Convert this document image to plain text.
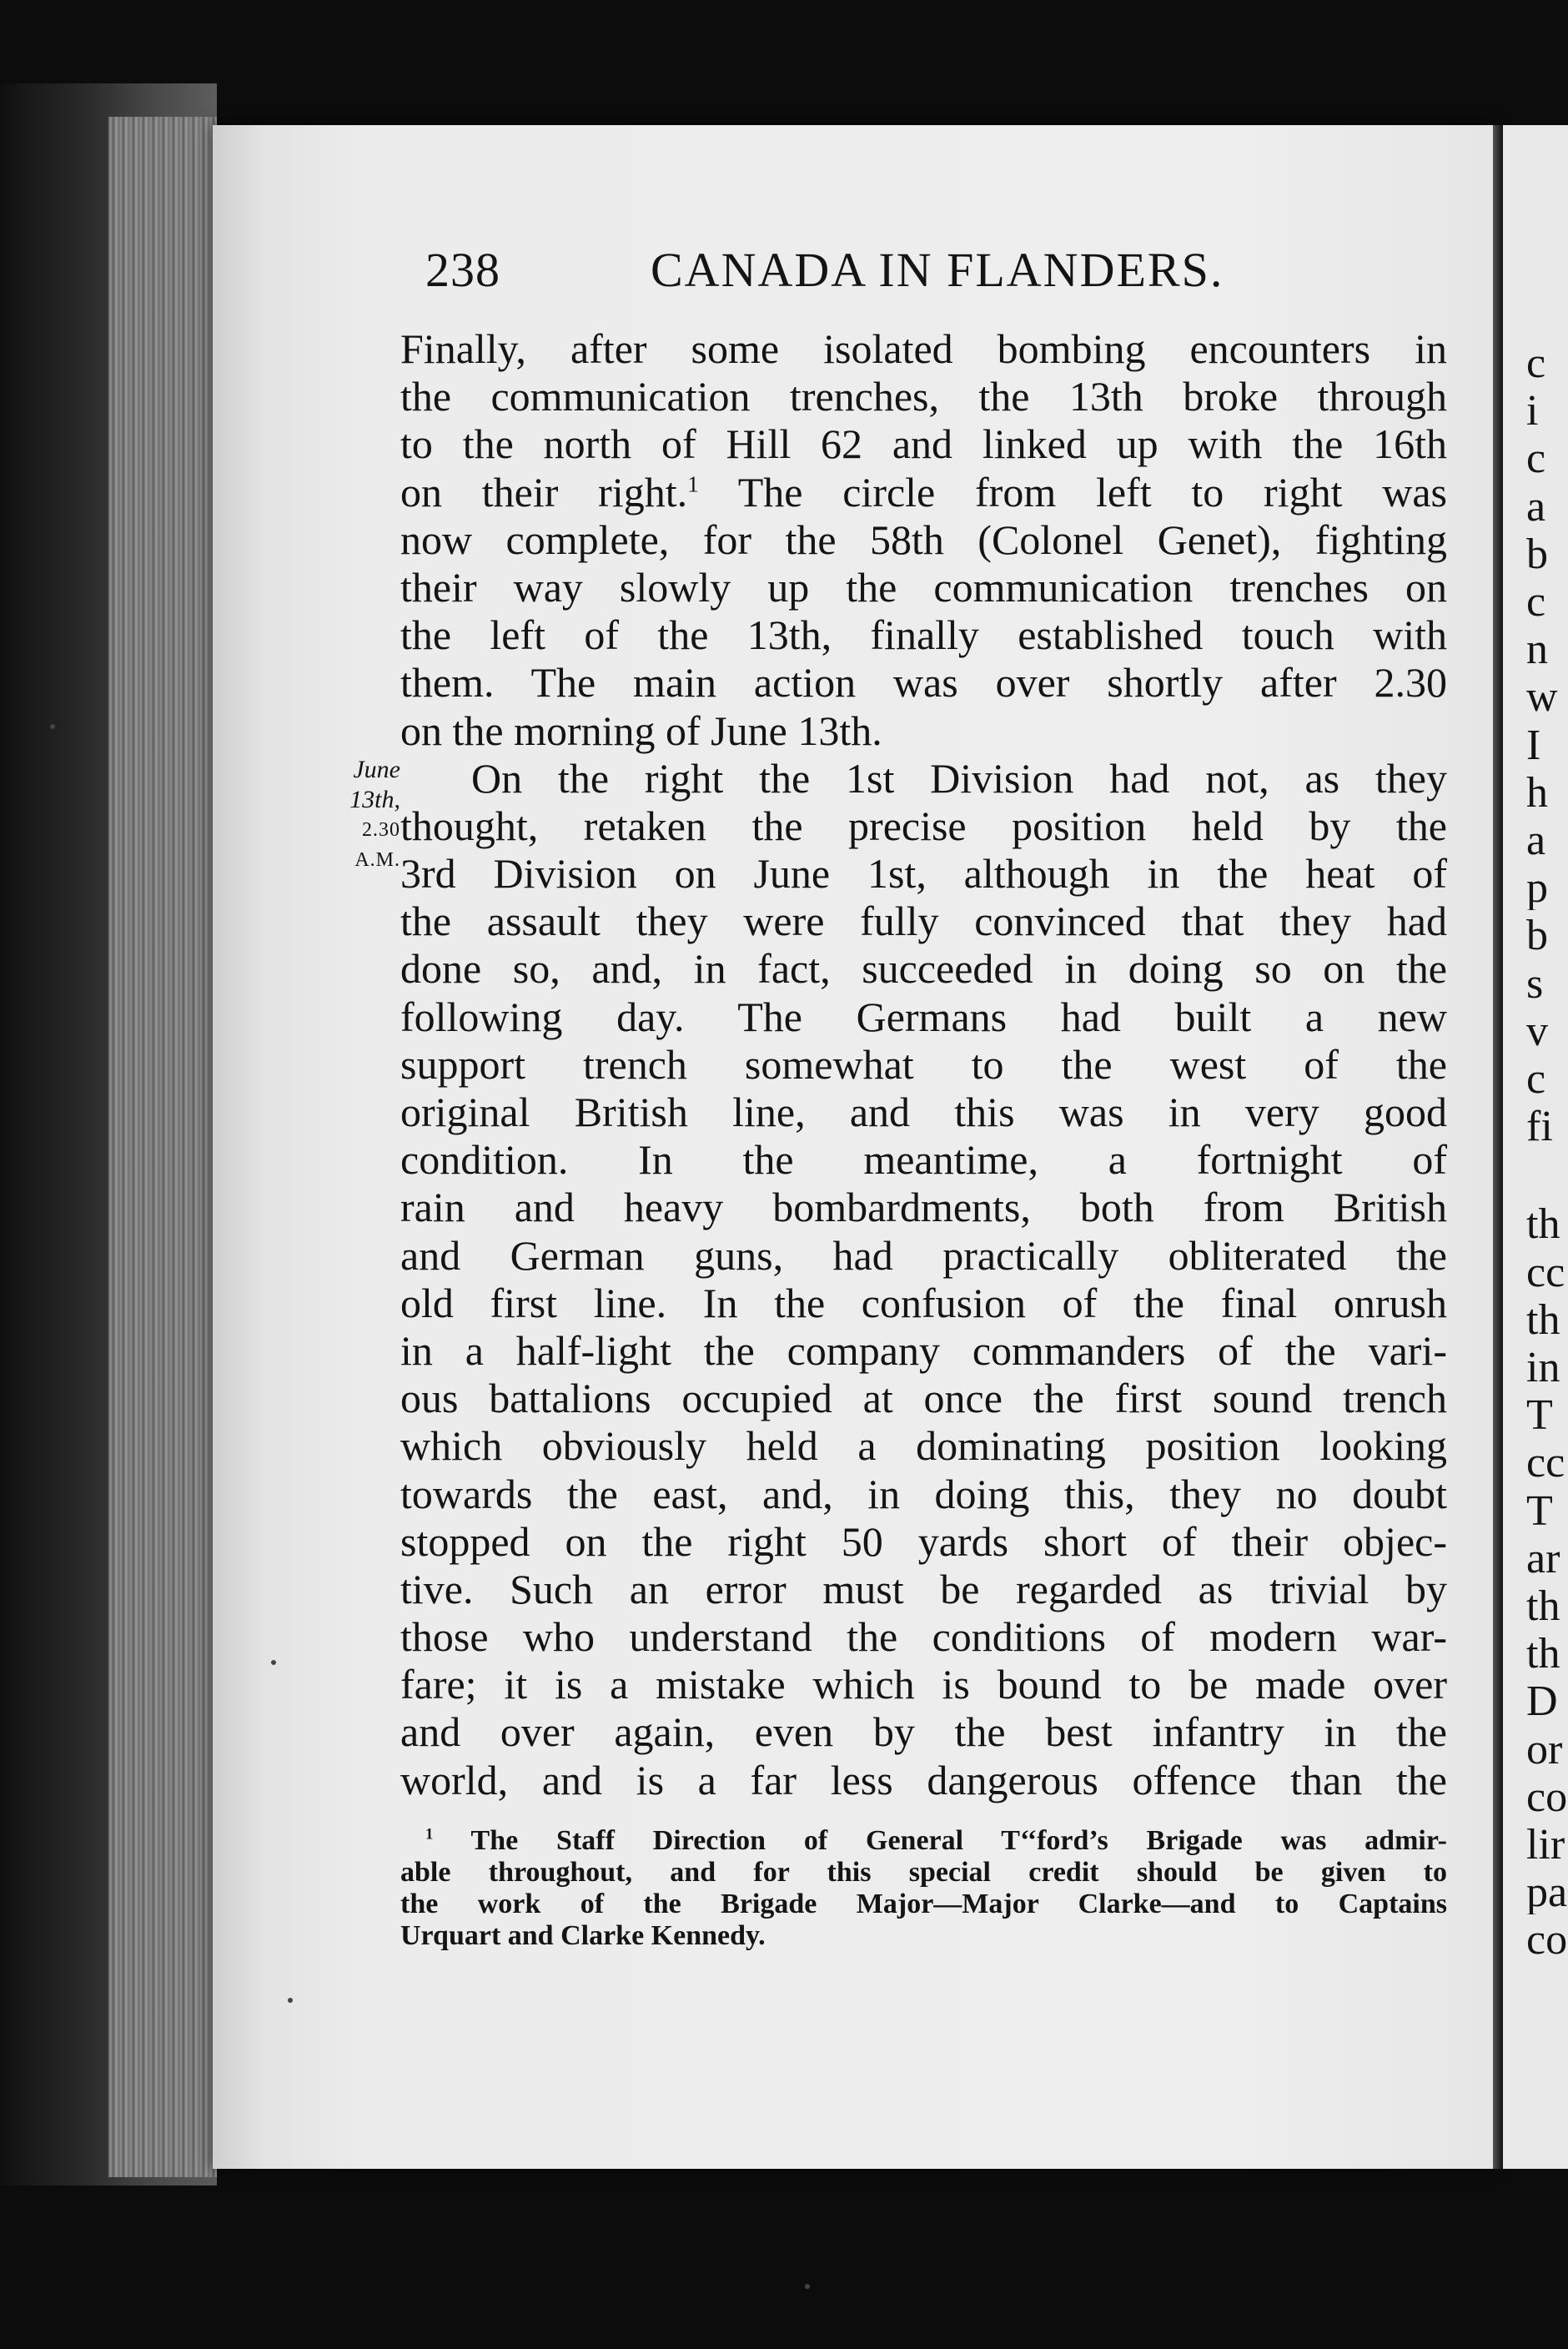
c
i
c
a
b
c
n
w
I
h
a
p
b
s
v
c
fi
th
cc
th
in
T
cc
T
ar
th
th
D
or
co
lir
pa
co
238	CANADA IN FLANDERS.
June
13th,
2.30
A.M.
Finally, after some isolated bombing encounters in
the communication trenches, the 13th broke through
to the north of Hill 62 and linked up with the 16th
on their right.$^1$ The circle from left to right was
now complete, for the 58th (Colonel Genet), fighting
their way slowly up the communication trenches on
the left of the 13th, finally established touch with
them. The main action was over shortly after 2.30
on the morning of June 13th.
On the right the 1st Division had not, as they
thought, retaken the precise position held by the
3rd Division on June 1st, although in the heat of
the assault they were fully convinced that they had
done so, and, in fact, succeeded in doing so on the
following day. The Germans had built a new
support trench somewhat to the west of the
original British line, and this was in very good
condition. In the meantime, a fortnight of
rain and heavy bombardments, both from British
and German guns, had practically obliterated the
old first line. In the confusion of the final onrush
in a half-light the company commanders of the vari-
ous battalions occupied at once the first sound trench
which obviously held a dominating position looking
towards the east, and, in doing this, they no doubt
stopped on the right 50 yards short of their objec-
tive. Such an error must be regarded as trivial by
those who understand the conditions of modern war-
fare; it is a mistake which is bound to be made over
and over again, even by the best infantry in the
world, and is a far less dangerous offence than the
$^1$ The Staff Direction of General T‘‘ford’s Brigade was admir-
able throughout, and for this special credit should be given to
the work of the Brigade Major—Major Clarke—and to Captains
Urquart and Clarke Kennedy.
